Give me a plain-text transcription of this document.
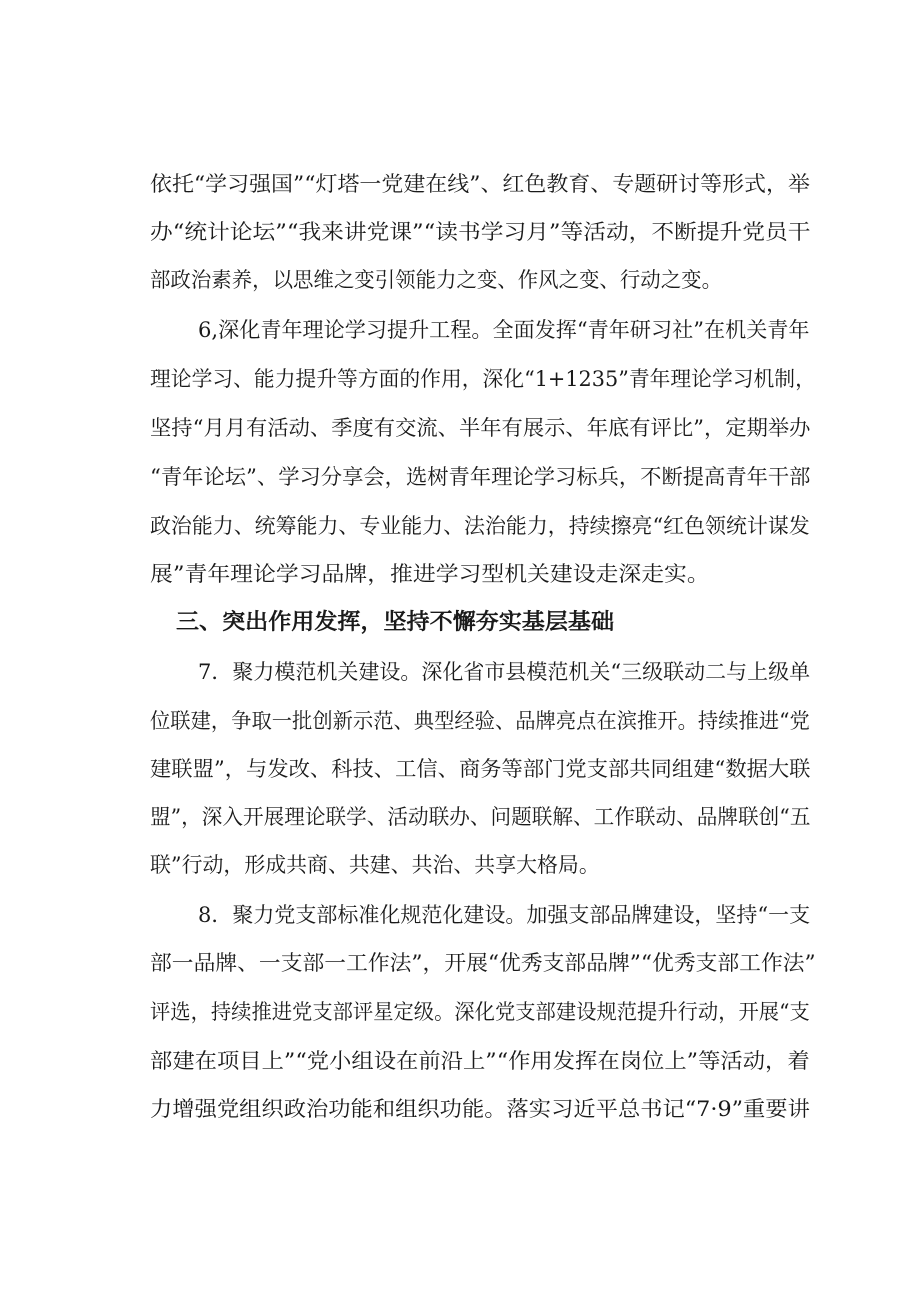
依托“学习强国”“灯塔一党建在线”、红色教育、专题研讨等形式，举
办“统计论坛”“我来讲党课”“读书学习月”等活动，不断提升党员干
部政治素养，以思维之变引领能力之变、作风之变、行动之变。
6,深化青年理论学习提升工程。全面发挥“青年研习社”在机关青年
理论学习、能力提升等方面的作用，深化“1+1235”青年理论学习机制，
坚持“月月有活动、季度有交流、半年有展示、年底有评比”，定期举办
“青年论坛”、学习分享会，选树青年理论学习标兵，不断提高青年干部
政治能力、统筹能力、专业能力、法治能力，持续擦亮“红色领统计谋发
展”青年理论学习品牌，推进学习型机关建设走深走实。
三、突出作用发挥，坚持不懈夯实基层基础
7．聚力模范机关建设。深化省市县模范机关“三级联动二与上级单
位联建，争取一批创新示范、典型经验、品牌亮点在滨推开。持续推进“党
建联盟”，与发改、科技、工信、商务等部门党支部共同组建“数据大联
盟”，深入开展理论联学、活动联办、问题联解、工作联动、品牌联创“五
联”行动，形成共商、共建、共治、共享大格局。
8．聚力党支部标准化规范化建设。加强支部品牌建设，坚持“一支
部一品牌、一支部一工作法”，开展“优秀支部品牌”“优秀支部工作法”
评选，持续推进党支部评星定级。深化党支部建设规范提升行动，开展“支
部建在项目上”“党小组设在前沿上”“作用发挥在岗位上”等活动，着
力增强党组织政治功能和组织功能。落实习近平总书记“7·9”重要讲
